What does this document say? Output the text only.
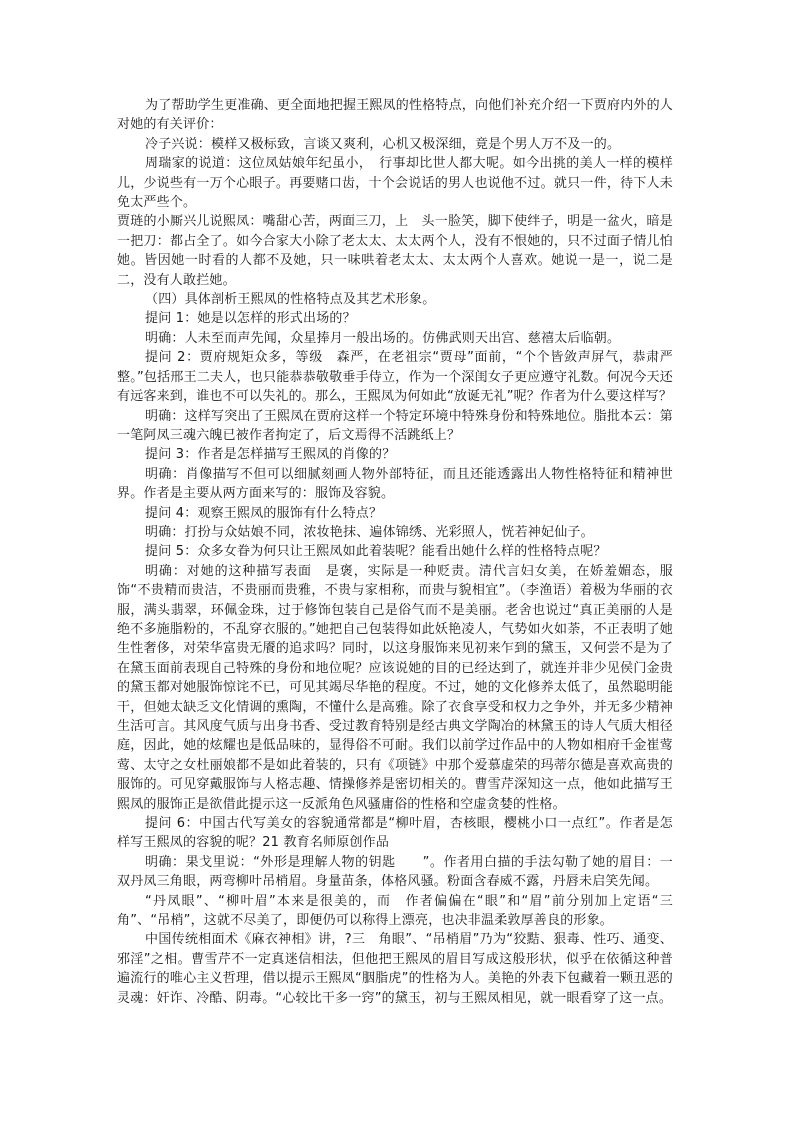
为了帮助学生更准确、更全面地把握王熙凤的性格特点，向他们补充介绍一下贾府内外的人对她的有关评价：

冷子兴说：模样又极标致，言谈又爽利，心机又极深细，竟是个男人万不及一的。

周瑞家的说道：这位凤姑娘年纪虽小，　行事却比世人都大呢。如今出挑的美人一样的模样儿，少说些有一万个心眼子。再要赌口齿，十个会说话的男人也说他不过。就只一件，待下人未免太严些个。

贾琏的小厮兴儿说熙凤：嘴甜心苦，两面三刀，上　头一脸笑，脚下使绊子，明是一盆火，暗是一把刀：都占全了。如今合家大小除了老太太、太太两个人，没有不恨她的，只不过面子情儿怕她。皆因她一时看的人都不及她，只一味哄着老太太、太太两个人喜欢。她说一是一，说二是二，没有人敢拦她。

（四）具体剖析王熙凤的性格特点及其艺术形象。

提问 1：她是以怎样的形式出场的？

明确：人未至而声先闻，众星捧月一般出场的。仿佛武则天出宫、慈禧太后临朝。

提问 2：贾府规矩众多，等级　森严，在老祖宗“贾母”面前，“个个皆敛声屏气，恭肃严整。”包括邢王二夫人，也只能恭恭敬敬垂手侍立，作为一个深闺女子更应遵守礼数。何况今天还有远客来到，谁也不可以失礼的。那么，王熙凤为何如此“放诞无礼”呢？作者为什么要这样写？

明确：这样写突出了王熙凤在贾府这样一个特定环境中特殊身份和特殊地位。脂批本云：第一笔阿凤三魂六魄已被作者拘定了，后文焉得不活跳纸上？

提问 3：作者是怎样描写王熙凤的肖像的？

明确：肖像描写不但可以细腻刻画人物外部特征，而且还能透露出人物性格特征和精神世界。作者是主要从两方面来写的：服饰及容貌。

提问 4：观察王熙凤的服饰有什么特点？

明确：打扮与众姑娘不同，浓妆艳抹、遍体锦绣、光彩照人，恍若神妃仙子。

提问 5：众多女眷为何只让王熙凤如此着装呢？能看出她什么样的性格特点呢？

明确：对她的这种描写表面　是褒，实际是一种贬责。清代言妇女美，在娇羞媚态，服饰“不贵精而贵洁，不贵丽而贵雅，不贵与家相称，而贵与貌相宜”。（李渔语）着极为华丽的衣服，满头翡翠，环佩金珠，过于修饰包装自己是俗气而不是美丽。老舍也说过“真正美丽的人是绝不多施脂粉的，不乱穿衣服的。”她把自己包装得如此妖艳凌人，气势如火如荼，不正表明了她生性奢侈，对荣华富贵无餍的追求吗？同时，以这身服饰来见初来乍到的黛玉，又何尝不是为了在黛玉面前表现自己特殊的身份和地位呢？应该说她的目的已经达到了，就连并非少见侯门金贵的黛玉都对她服饰惊诧不已，可见其竭尽华艳的程度。不过，她的文化修养太低了，虽然聪明能干，但她太缺乏文化情调的熏陶，不懂什么是高雅。除了衣食享受和权力之争外，并无多少精神生活可言。其风度气质与出身书香、受过教育特别是经古典文学陶冶的林黛玉的诗人气质大相径庭，因此，她的炫耀也是低品味的，显得俗不可耐。我们以前学过作品中的人物如相府千金崔莺莺、太守之女杜丽娘都不是如此着装的，只有《项链》中那个爱慕虚荣的玛蒂尔德是喜欢高贵的服饰的。可见穿戴服饰与人格志趣、情操修养是密切相关的。曹雪芹深知这一点，他如此描写王熙凤的服饰正是欲借此提示这一反派角色风骚庸俗的性格和空虚贪婪的性格。

提问 6：中国古代写美女的容貌通常都是“柳叶眉，杏核眼，樱桃小口一点红”。作者是怎样写王熙凤的容貌的呢？21 教育名师原创作品

明确：果戈里说：“外形是理解人物的钥匙　　”。作者用白描的手法勾勒了她的眉目：一双丹凤三角眼，两弯柳叶吊梢眉。身量苗条，体格风骚。粉面含春威不露，丹唇未启笑先闻。

“丹凤眼”、“柳叶眉”本来是很美的，而　作者偏偏在“眼”和“眉”前分别加上定语“三角”、“吊梢”，这就不尽美了，即便仍可以称得上漂亮，也决非温柔敦厚善良的形象。

中国传统相面术《麻衣神相》讲，?三　角眼”、“吊梢眉”乃为“狡黠、狠毒、性巧、通变、邪淫”之相。曹雪芹不一定真迷信相法，但他把王熙凤的眉目写成这般形状，似乎在依循这种普遍流行的唯心主义哲理，借以提示王熙凤“胭脂虎”的性格为人。美艳的外表下包藏着一颗丑恶的灵魂：奸诈、冷酷、阴毒。“心较比干多一窍”的黛玉，初与王熙凤相见，就一眼看穿了这一点。
